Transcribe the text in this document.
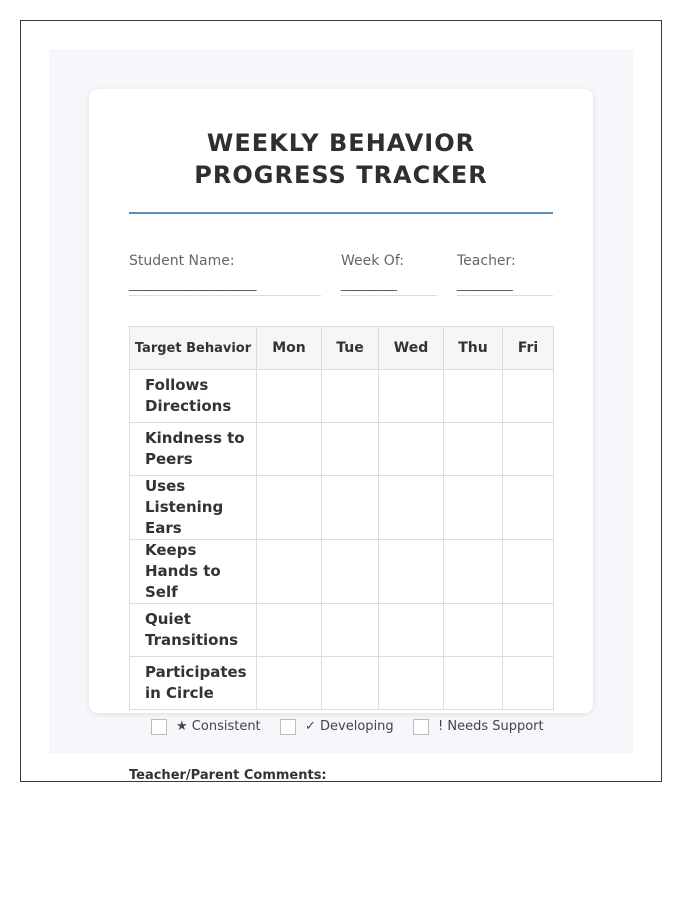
WEEKLY BEHAVIOR PROGRESS TRACKER
Student Name:
_______________________
Week Of:
__________
Teacher:
__________
Target Behavior	Mon	Tue	Wed	Thu	Fri
Follows Directions					
Kindness to Peers					
Uses Listening Ears					
Keeps Hands to Self					
Quiet Transitions					
Participates in Circle					
★ Consistent	✓ Developing	! Needs Support
Teacher/Parent Comments:
